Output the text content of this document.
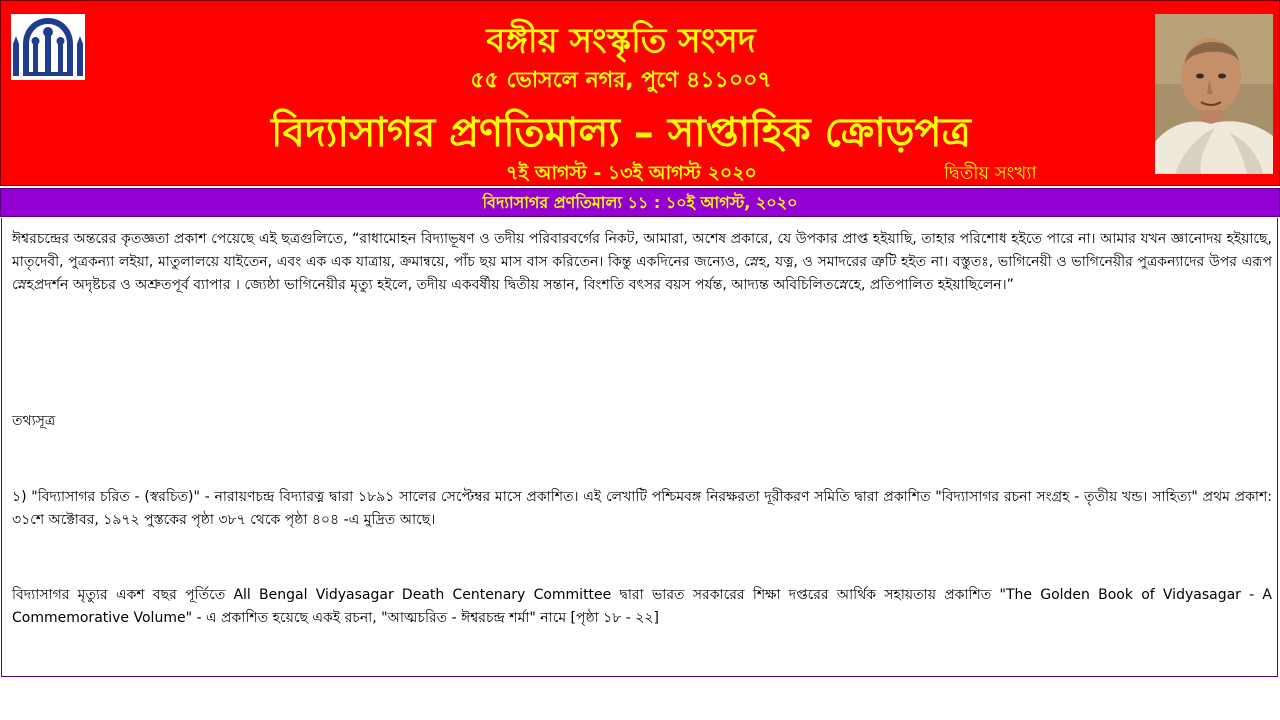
বঙ্গীয় সংস্কৃতি সংসদ
৫৫ ভোসলে নগর, পুণে ৪১১০০৭
বিদ্যাসাগর প্রণতিমাল্য – সাপ্তাহিক ক্রোড়পত্র
৭ই আগস্ট - ১৩ই আগস্ট ২০২০	দ্বিতীয় সংখ্যা
বিদ্যাসাগর প্রণতিমাল্য ১১ : ১০ই আগস্ট, ২০২০

ঈশ্বরচন্দ্রের অন্তরের কৃতজ্ঞতা প্রকাশ পেয়েছে এই ছত্রগুলিতে, “রাধামোহন বিদ্যাভূষণ ও তদীয় পরিবারবর্গের নিকট, আমারা, অশেষ প্রকারে, যে উপকার প্রাপ্ত হইয়াছি, তাহার পরিশোধ হইতে পারে না। আমার যখন জ্ঞানোদয় হইয়াছে, মাতৃদেবী, পুত্রকন্যা লইয়া, মাতুলালয়ে যাইতেন, এবং এক এক যাত্রায়, ক্রমান্বয়ে, পাঁচ ছয় মাস বাস করিতেন। কিন্তু একদিনের জন্যেও, স্নেহ, যত্ন, ও সমাদরের ত্রুটি হইত না। বস্তুতঃ, ভাগিনেয়ী ও ভাগিনেয়ীর পুত্রকন্যাদের উপর এরূপ স্নেহপ্রদর্শন অদৃষ্টচর ও অশ্রুতপূর্ব ব্যাপার । জ্যেষ্ঠা ভাগিনেয়ীর মৃত্যু হইলে, তদীয় একবর্ষীয় দ্বিতীয় সন্তান, বিংশতি বৎসর বয়স পর্যন্ত, আদ্যন্ত অবিচিলিতস্নেহে, প্রতিপালিত হইয়াছিলেন।”

তথ্যসূত্র

১) "বিদ্যাসাগর চরিত - (স্বরচিত)" - নারায়ণচন্দ্র বিদ্যারত্ন দ্বারা ১৮৯১ সালের সেপ্টেম্বর মাসে প্রকাশিত। এই লেখাটি পশ্চিমবঙ্গ নিরক্ষরতা দূরীকরণ সমিতি দ্বারা প্রকাশিত "বিদ্যাসাগর রচনা সংগ্রহ - তৃতীয় খন্ড। সাহিত্য" প্রথম প্রকাশ: ৩১শে অক্টোবর, ১৯৭২ পুস্তকের পৃষ্ঠা ৩৮৭ থেকে পৃষ্ঠা ৪০৪ -এ মুদ্রিত আছে।

বিদ্যাসাগর মৃত্যুর একশ বছর পূর্তিতে All Bengal Vidyasagar Death Centenary Committee দ্বারা ভারত সরকারের শিক্ষা দপ্তরের আর্থিক সহায়তায় প্রকাশিত "The Golden Book of Vidyasagar - A Commemorative Volume" - এ প্রকাশিত হয়েছে একই রচনা, "আত্মচরিত - ঈশ্বরচন্দ্র শর্মা" নামে [পৃষ্ঠা ১৮ - ২২]
